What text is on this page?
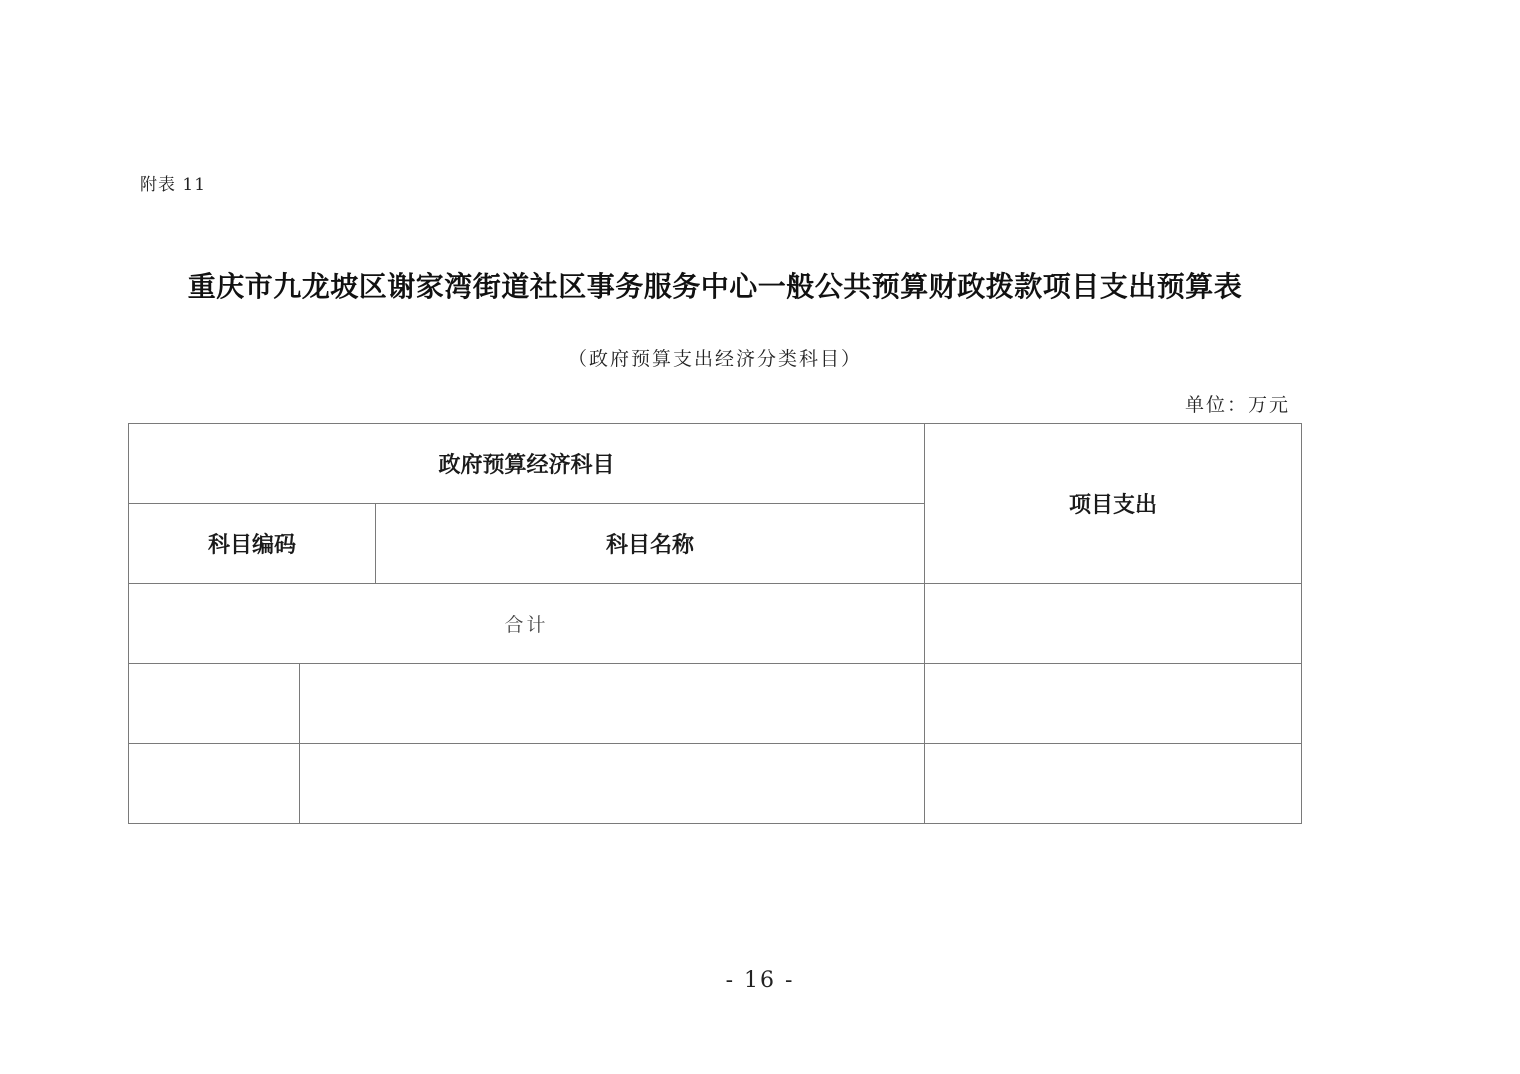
附表 11
重庆市九龙坡区谢家湾街道社区事务服务中心一般公共预算财政拨款项目支出预算表
（政府预算支出经济分类科目）
单位：万元
政府预算经济科目			项目支出
科目编码		科目名称	
合计			

- 16 -
